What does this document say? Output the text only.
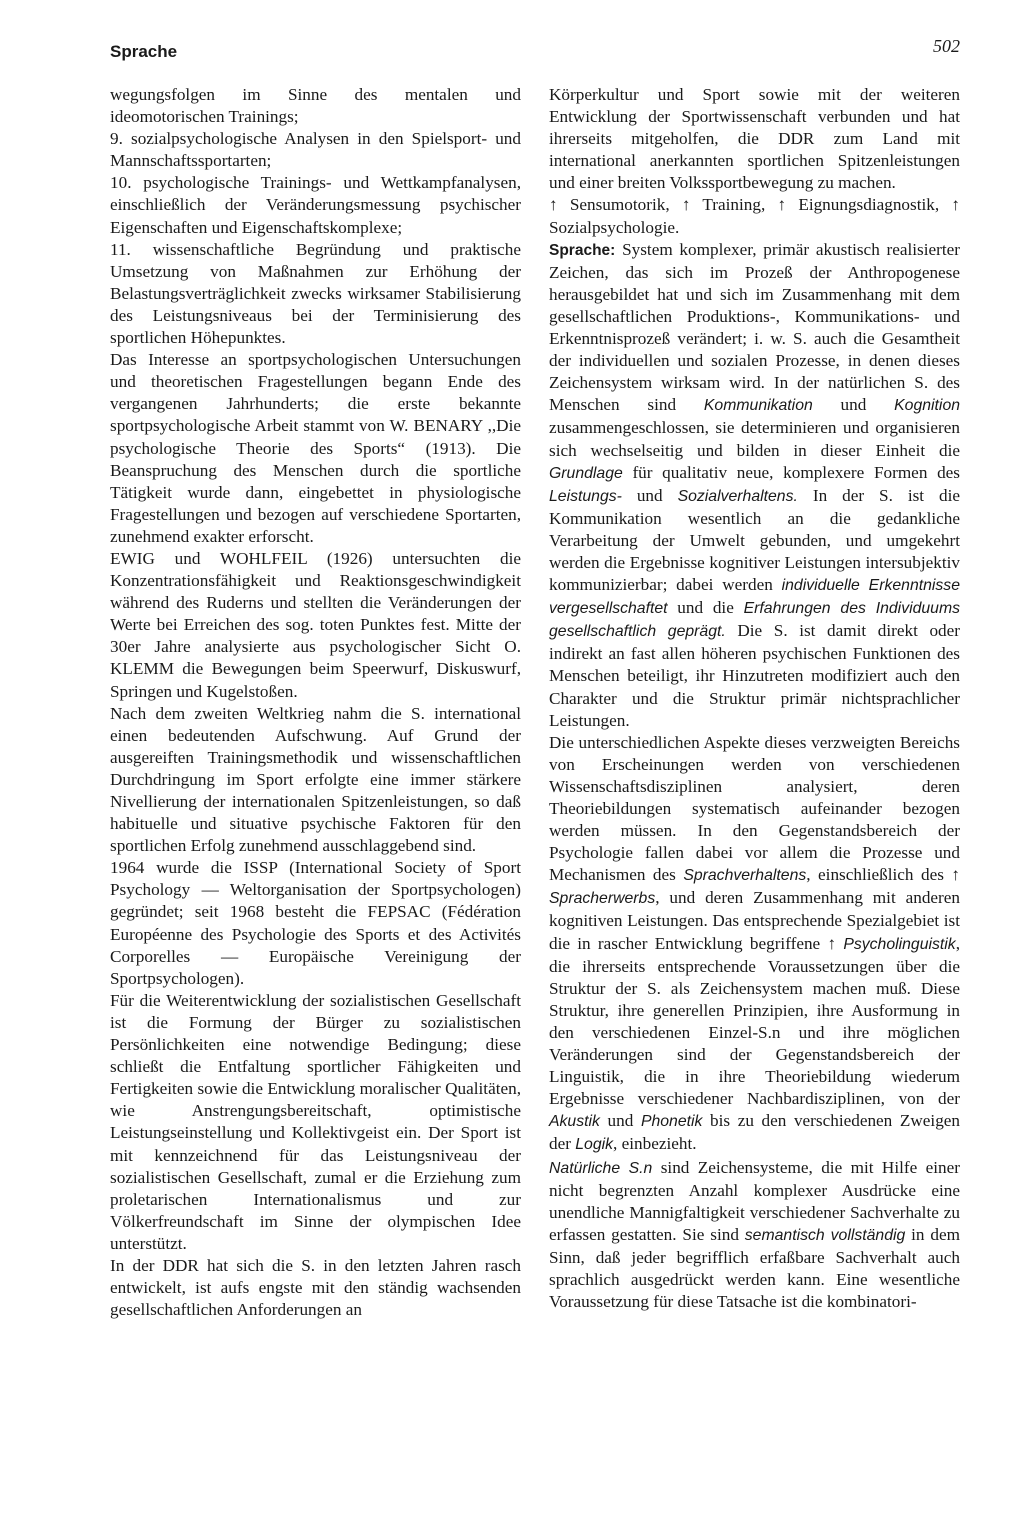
Sprache	502

wegungsfolgen im Sinne des mentalen und ideomotorischen Trainings;

9. sozialpsychologische Analysen in den Spielsport- und Mannschaftssportarten;

10. psychologische Trainings- und Wettkampfanalysen, einschließlich der Veränderungsmessung psychischer Eigenschaften und Eigenschaftskomplexe;

11. wissenschaftliche Begründung und praktische Umsetzung von Maßnahmen zur Erhöhung der Belastungsverträglichkeit zwecks wirksamer Stabilisierung des Leistungsniveaus bei der Terminisierung des sportlichen Höhepunktes.

Das Interesse an sportpsychologischen Untersuchungen und theoretischen Fragestellungen begann Ende des vergangenen Jahrhunderts; die erste bekannte sportpsychologische Arbeit stammt von W. BENARY ,,Die psychologische Theorie des Sports“ (1913). Die Beanspruchung des Menschen durch die sportliche Tätigkeit wurde dann, eingebettet in physiologische Fragestellungen und bezogen auf verschiedene Sportarten, zunehmend exakter erforscht.

EWIG und WOHLFEIL (1926) untersuchten die Konzentrationsfähigkeit und Reaktionsgeschwindigkeit während des Ruderns und stellten die Veränderungen der Werte bei Erreichen des sog. toten Punktes fest. Mitte der 30er Jahre analysierte aus psychologischer Sicht O. KLEMM die Bewegungen beim Speerwurf, Diskuswurf, Springen und Kugelstoßen.

Nach dem zweiten Weltkrieg nahm die S. international einen bedeutenden Aufschwung. Auf Grund der ausgereiften Trainingsmethodik und wissenschaftlichen Durchdringung im Sport erfolgte eine immer stärkere Nivellierung der internationalen Spitzenleistungen, so daß habituelle und situative psychische Faktoren für den sportlichen Erfolg zunehmend ausschlaggebend sind.

1964 wurde die ISSP (International Society of Sport Psychology — Weltorganisation der Sportpsychologen) gegründet; seit 1968 besteht die FEPSAC (Fédération Européenne des Psychologie des Sports et des Activités Corporelles — Europäische Vereinigung der Sportpsychologen).

Für die Weiterentwicklung der sozialistischen Gesellschaft ist die Formung der Bürger zu sozialistischen Persönlichkeiten eine notwendige Bedingung; diese schließt die Entfaltung sportlicher Fähigkeiten und Fertigkeiten sowie die Entwicklung moralischer Qualitäten, wie Anstrengungsbereitschaft, optimistische Leistungseinstellung und Kollektivgeist ein. Der Sport ist mit kennzeichnend für das Leistungsniveau der sozialistischen Gesellschaft, zumal er die Erziehung zum proletarischen Internationalismus und zur Völkerfreundschaft im Sinne der olympischen Idee unterstützt.

In der DDR hat sich die S. in den letzten Jahren rasch entwickelt, ist aufs engste mit den ständig wachsenden gesellschaftlichen Anforderungen an

Körperkultur und Sport sowie mit der weiteren Entwicklung der Sportwissenschaft verbunden und hat ihrerseits mitgeholfen, die DDR zum Land mit international anerkannten sportlichen Spitzenleistungen und einer breiten Volkssportbewegung zu machen.

↑ Sensumotorik, ↑ Training, ↑ Eignungsdiagnostik, ↑ Sozialpsychologie.

Sprache: System komplexer, primär akustisch realisierter Zeichen, das sich im Prozeß der Anthropogenese herausgebildet hat und sich im Zusammenhang mit dem gesellschaftlichen Produktions-, Kommunikations- und Erkenntnisprozeß verändert; i. w. S. auch die Gesamtheit der individuellen und sozialen Prozesse, in denen dieses Zeichensystem wirksam wird. In der natürlichen S. des Menschen sind Kommunikation und Kognition zusammengeschlossen, sie determinieren und organisieren sich wechselseitig und bilden in dieser Einheit die Grundlage für qualitativ neue, komplexere Formen des Leistungs- und Sozialverhaltens. In der S. ist die Kommunikation wesentlich an die gedankliche Verarbeitung der Umwelt gebunden, und umgekehrt werden die Ergebnisse kognitiver Leistungen intersubjektiv kommunizierbar; dabei werden individuelle Erkenntnisse vergesellschaftet und die Erfahrungen des Individuums gesellschaftlich geprägt. Die S. ist damit direkt oder indirekt an fast allen höheren psychischen Funktionen des Menschen beteiligt, ihr Hinzutreten modifiziert auch den Charakter und die Struktur primär nichtsprachlicher Leistungen.

Die unterschiedlichen Aspekte dieses verzweigten Bereichs von Erscheinungen werden von verschiedenen Wissenschaftsdisziplinen analysiert, deren Theoriebildungen systematisch aufeinander bezogen werden müssen. In den Gegenstandsbereich der Psychologie fallen dabei vor allem die Prozesse und Mechanismen des Sprachverhaltens, einschließlich des ↑ Spracherwerbs, und deren Zusammenhang mit anderen kognitiven Leistungen. Das entsprechende Spezialgebiet ist die in rascher Entwicklung begriffene ↑ Psycholinguistik, die ihrerseits entsprechende Voraussetzungen über die Struktur der S. als Zeichensystem machen muß. Diese Struktur, ihre generellen Prinzipien, ihre Ausformung in den verschiedenen Einzel-S.n und ihre möglichen Veränderungen sind der Gegenstandsbereich der Linguistik, die in ihre Theoriebildung wiederum Ergebnisse verschiedener Nachbardisziplinen, von der Akustik und Phonetik bis zu den verschiedenen Zweigen der Logik, einbezieht.

Natürliche S.n sind Zeichensysteme, die mit Hilfe einer nicht begrenzten Anzahl komplexer Ausdrücke eine unendliche Mannigfaltigkeit verschiedener Sachverhalte zu erfassen gestatten. Sie sind semantisch vollständig in dem Sinn, daß jeder begrifflich erfaßbare Sachverhalt auch sprachlich ausgedrückt werden kann. Eine wesentliche Voraussetzung für diese Tatsache ist die kombinatori-
